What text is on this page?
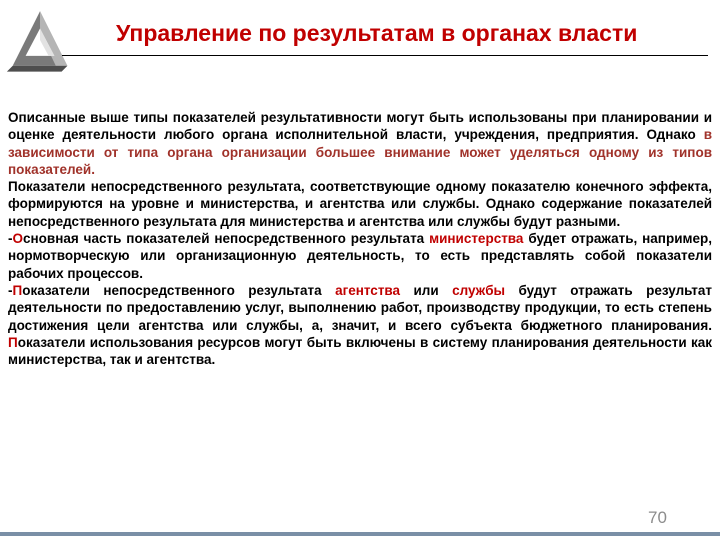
Управление по результатам в органах власти

Описанные выше типы показателей результативности могут быть использованы при планировании и оценке деятельности любого органа исполнительной власти, учреждения, предприятия. Однако в зависимости от типа органа организации большее внимание может уделяться одному из типов показателей.

Показатели непосредственного результата, соответствующие одному показателю конечного эффекта, формируются на уровне и министерства, и агентства или службы. Однако содержание показателей непосредственного результата для министерства и агентства или службы будут разными.

-Основная часть показателей непосредственного результата министерства будет отражать, например, нормотворческую или организационную деятельность, то есть представлять собой показатели рабочих процессов.

-Показатели непосредственного результата агентства или службы будут отражать результат деятельности по предоставлению услуг, выполнению работ, производству продукции, то есть степень достижения цели агентства или службы, а, значит, и всего субъекта бюджетного планирования. Показатели использования ресурсов могут быть включены в систему планирования деятельности как министерства, так и агентства.

70
